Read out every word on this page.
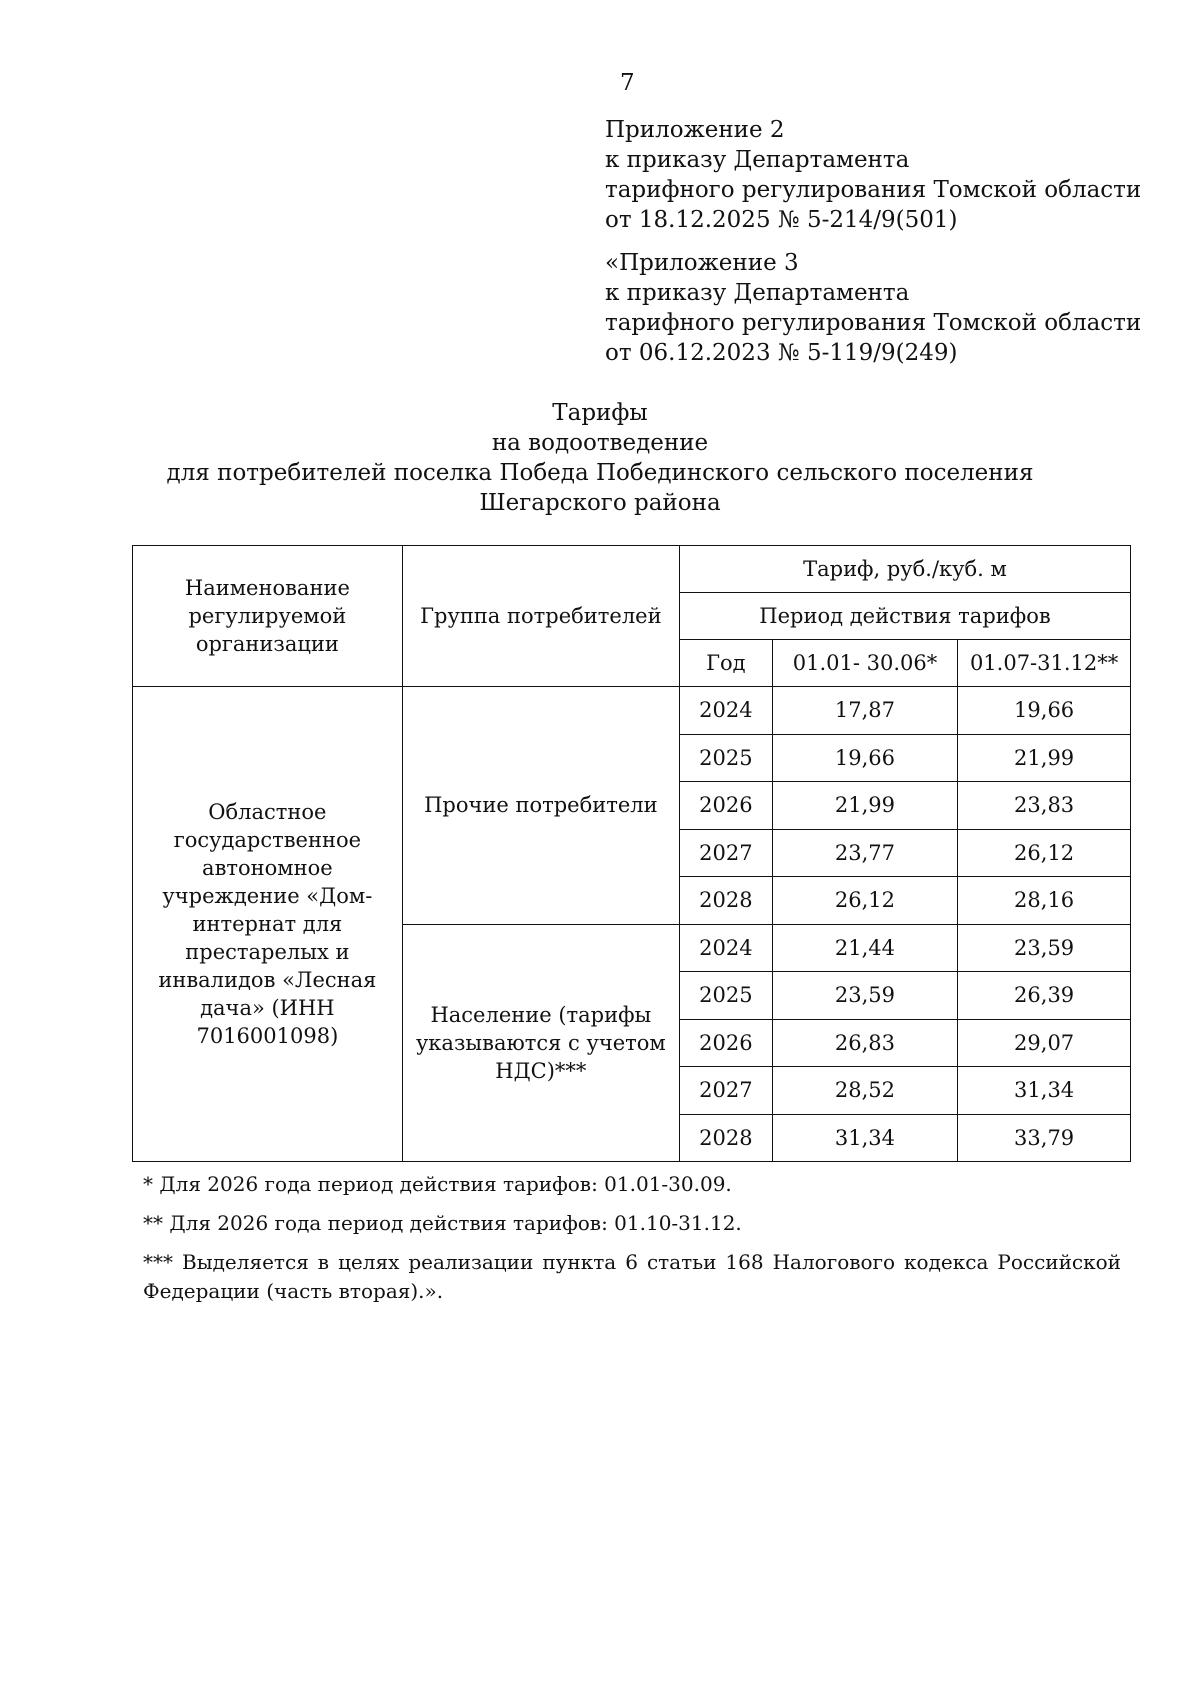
7
Приложение 2
к приказу Департамента
тарифного регулирования Томской области
от 18.12.2025 № 5-214/9(501)
«Приложение 3
к приказу Департамента
тарифного регулирования Томской области
от 06.12.2023 № 5-119/9(249)
Тарифы
на водоотведение
для потребителей поселка Победа Побединского сельского поселения
Шегарского района
Наименование регулируемой организации	Группа потребителей	Тариф, руб./куб. м		
		Период действия тарифов		
		Год	01.01- 30.06*	01.07-31.12**
Областное государственное автономное учреждение «Дом-интернат для престарелых и инвалидов «Лесная дача» (ИНН 7016001098)	Прочие потребители	2024	17,87	19,66
		2025	19,66	21,99
		2026	21,99	23,83
		2027	23,77	26,12
		2028	26,12	28,16
	Население (тарифы указываются с учетом НДС)***	2024	21,44	23,59
		2025	23,59	26,39
		2026	26,83	29,07
		2027	28,52	31,34
		2028	31,34	33,79

* Для 2026 года период действия тарифов: 01.01-30.09.

** Для 2026 года период действия тарифов: 01.10-31.12.

*** Выделяется в целях реализации пункта 6 статьи 168 Налогового кодекса Российской Федерации (часть вторая).».
